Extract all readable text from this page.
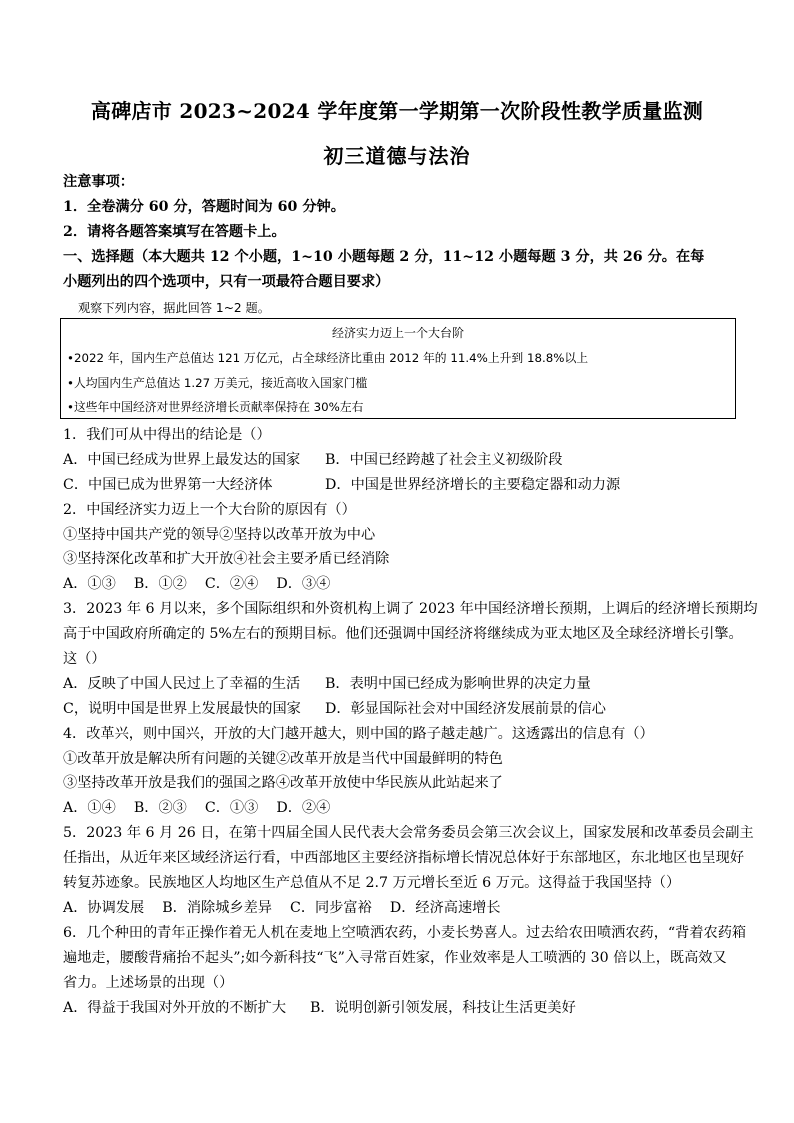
高碑店市 2023~2024 学年度第一学期第一次阶段性教学质量监测
初三道德与法治
注意事项：
1．全卷满分 60 分，答题时间为 60 分钟。
2．请将各题答案填写在答题卡上。
一、选择题（本大题共 12 个小题，1~10 小题每题 2 分，11~12 小题每题 3 分，共 26 分。在每
小题列出的四个选项中，只有一项最符合题目要求）
观察下列内容，据此回答 1~2 题。
经济实力迈上一个大台阶
•2022 年，国内生产总值达 121 万亿元，占全球经济比重由 2012 年的 11.4%上升到 18.8%以上
•人均国内生产总值达 1.27 万美元，接近高收入国家门槛
•这些年中国经济对世界经济增长贡献率保持在 30%左右
1．我们可从中得出的结论是（）
A．中国已经成为世界上最发达的国家 B．中国已经跨越了社会主义初级阶段
C．中国已成为世界第一大经济体	D．中国是世界经济增长的主要稳定器和动力源
2．中国经济实力迈上一个大台阶的原因有（）
①坚持中国共产党的领导②坚持以改革开放为中心
③坚持深化改革和扩大开放④社会主要矛盾已经消除
A．①③    B．①②    C．②④    D．③④
3．2023 年 6 月以来，多个国际组织和外资机构上调了 2023 年中国经济增长预期，上调后的经济增长预期均
高于中国政府所确定的 5%左右的预期目标。他们还强调中国经济将继续成为亚太地区及全球经济增长引擎。
这（）
A．反映了中国人民过上了幸福的生活 B．表明中国已经成为影响世界的决定力量
C，说明中国是世界上发展最快的国家 D．彰显国际社会对中国经济发展前景的信心
4．改革兴，则中国兴，开放的大门越开越大，则中国的路子越走越广。这透露出的信息有（）
①改革开放是解决所有问题的关键②改革开放是当代中国最鲜明的特色
③坚持改革开放是我们的强国之路④改革开放使中华民族从此站起来了
A．①④    B．②③    C．①③    D．②④
5．2023 年 6 月 26 日，在第十四届全国人民代表大会常务委员会第三次会议上，国家发展和改革委员会副主
任指出，从近年来区域经济运行看，中西部地区主要经济指标增长情况总体好于东部地区，东北地区也呈现好
转复苏迹象。民族地区人均地区生产总值从不足 2.7 万元增长至近 6 万元。这得益于我国坚持（）
A．协调发展    B．消除城乡差异    C．同步富裕    D．经济高速增长
6．几个种田的青年正操作着无人机在麦地上空喷洒农药，小麦长势喜人。过去给农田喷洒农药，“背着农药箱
遍地走，腰酸背痛抬不起头”;如今新科技“飞”入寻常百姓家，作业效率是人工喷洒的 30 倍以上，既高效又
省力。上述场景的出现（）
A．得益于我国对外开放的不断扩大 B．说明创新引领发展，科技让生活更美好
